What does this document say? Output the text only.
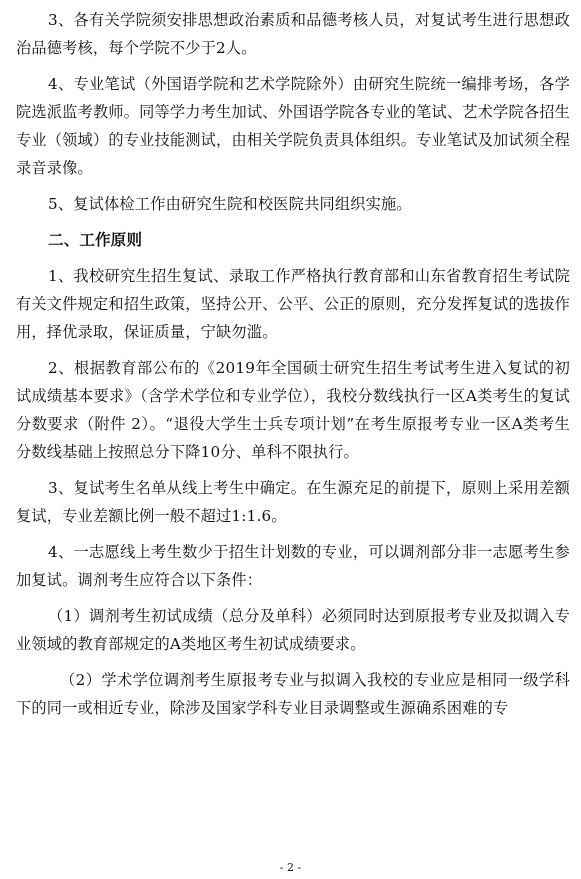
3、各有关学院须安排思想政治素质和品德考核人员，对复试考生进行思想政治品德考核，每个学院不少于2人。

4、专业笔试（外国语学院和艺术学院除外）由研究生院统一编排考场，各学院选派监考教师。同等学力考生加试、外国语学院各专业的笔试、艺术学院各招生专业（领域）的专业技能测试，由相关学院负责具体组织。专业笔试及加试须全程录音录像。

5、复试体检工作由研究生院和校医院共同组织实施。

二、工作原则

1、我校研究生招生复试、录取工作严格执行教育部和山东省教育招生考试院有关文件规定和招生政策，坚持公开、公平、公正的原则，充分发挥复试的选拔作用，择优录取，保证质量，宁缺勿滥。

2、根据教育部公布的《2019年全国硕士研究生招生考试考生进入复试的初试成绩基本要求》（含学术学位和专业学位），我校分数线执行一区A类考生的复试分数要求（附件 2）。“退役大学生士兵专项计划”在考生原报考专业一区A类考生分数线基础上按照总分下降10分、单科不限执行。

3、复试考生名单从线上考生中确定。在生源充足的前提下，原则上采用差额复试，专业差额比例一般不超过1:1.6。

4、一志愿线上考生数少于招生计划数的专业，可以调剂部分非一志愿考生参加复试。调剂考生应符合以下条件：

（1）调剂考生初试成绩（总分及单科）必须同时达到原报考专业及拟调入专业领域的教育部规定的A类地区考生初试成绩要求。

（2）学术学位调剂考生原报考专业与拟调入我校的专业应是相同一级学科下的同一或相近专业，除涉及国家学科专业目录调整或生源确系困难的专

- 2 -
